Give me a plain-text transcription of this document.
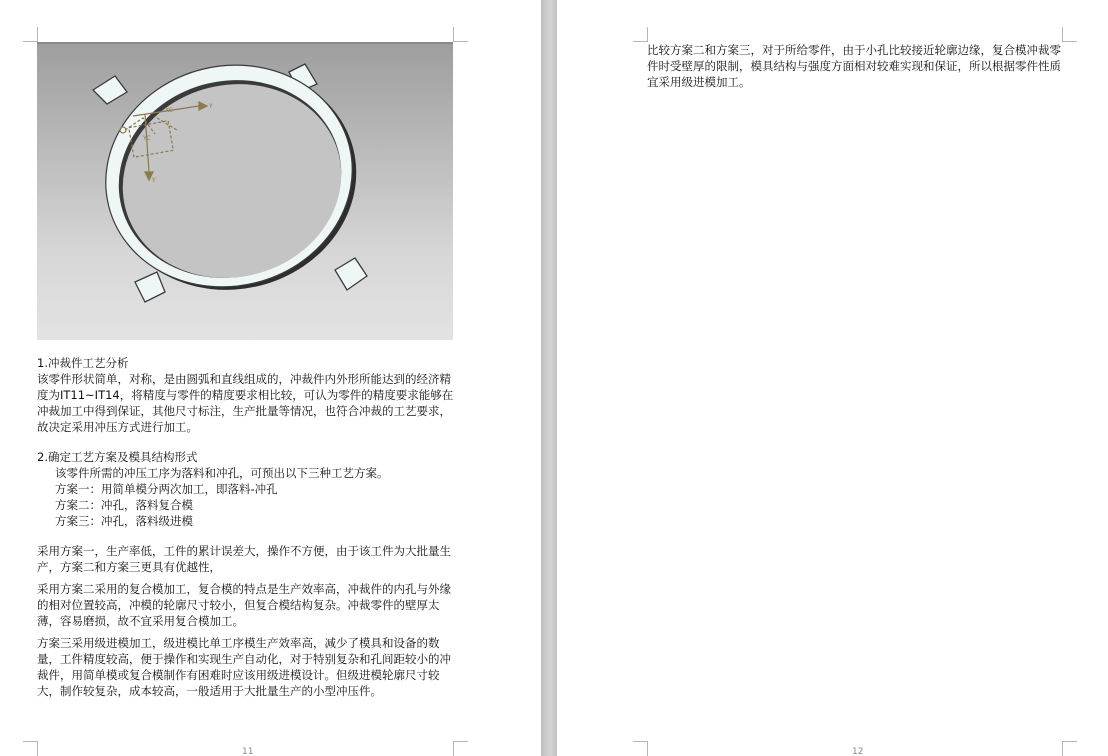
Y
XC
YC
Y
1.冲裁件工艺分析
该零件形状简单，对称，是由圆弧和直线组成的，冲裁件内外形所能达到的经济精度为IT11~IT14，将精度与零件的精度要求相比较，可认为零件的精度要求能够在冲裁加工中得到保证，其他尺寸标注，生产批量等情况，也符合冲裁的工艺要求，故决定采用冲压方式进行加工。
2.确定工艺方案及模具结构形式
该零件所需的冲压工序为落料和冲孔，可预出以下三种工艺方案。
方案一：用简单模分两次加工，即落料-冲孔
方案二：冲孔，落料复合模
方案三：冲孔，落料级进模
采用方案一，生产率低，工件的累计误差大，操作不方便，由于该工件为大批量生产，方案二和方案三更具有优越性，
采用方案二采用的复合模加工，复合模的特点是生产效率高，冲裁件的内孔与外缘的相对位置较高，冲模的轮廓尺寸较小，但复合模结构复杂。冲裁零件的壁厚太薄，容易磨损，故不宜采用复合模加工。
方案三采用级进模加工，级进模比单工序模生产效率高，减少了模具和设备的数量，工件精度较高，便于操作和实现生产自动化，对于特别复杂和孔间距较小的冲裁件，用简单模或复合模制作有困难时应该用级进模设计。但级进模轮廓尺寸较大，制作较复杂，成本较高，一般适用于大批量生产的小型冲压件。
11
比较方案二和方案三，对于所给零件，由于小孔比较接近轮廓边缘，复合模冲裁零件时受壁厚的限制，模具结构与强度方面相对较难实现和保证，所以根据零件性质宜采用级进模加工。
12
